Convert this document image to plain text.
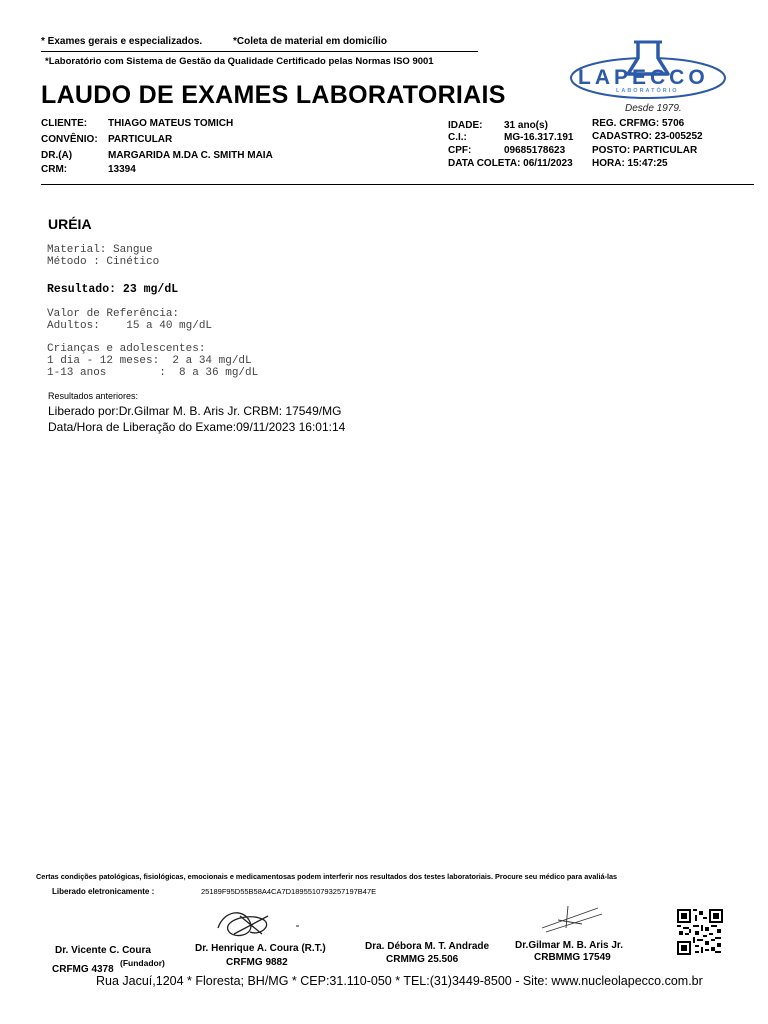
* Exames gerais e especializados.	*Coleta de material em domicílio
*Laboratório com Sistema de Gestão da Qualidade Certificado pelas Normas ISO 9001
LAUDO DE EXAMES LABORATORIAIS
LAPECCO
LABORATÓRIO
Desde 1979.
CLIENTE: THIAGO MATEUS TOMICH
CONVÊNIO: PARTICULAR
DR.(A)	MARGARIDA M.DA C. SMITH MAIA
CRM:	13394
IDADE: 31 ano(s)
C.I.:	MG-16.317.191
CPF:	09685178623
DATA COLETA: 06/11/2023
REG. CRFMG: 5706
CADASTRO: 23-005252
POSTO: PARTICULAR
HORA: 15:47:25
URÉIA
Material: Sangue
Método : Cinético
Resultado: 23 mg/dL
Valor de Referência:
Adultos:    15 a 40 mg/dL
Crianças e adolescentes:
1 dia - 12 meses:  2 a 34 mg/dL
1-13 anos        :  8 a 36 mg/dL
Resultados anteriores:
Liberado por:Dr.Gilmar M. B. Aris Jr. CRBM: 17549/MG
Data/Hora de Liberação do Exame:09/11/2023 16:01:14
Certas condições patológicas, fisiológicas, emocionais e medicamentosas podem interferir nos resultados dos testes laboratoriais. Procure seu médico para avaliá-las
Liberado eletronicamente :	25189F95D55B58A4CA7D1895510793257197B47E
Dr. Vicente C. Coura
CRFMG 4378
(Fundador)
Dr. Henrique A. Coura (R.T.)
CRFMG 9882
Dra. Débora M. T. Andrade
CRMMG 25.506
Dr.Gilmar M. B. Aris Jr.
CRBMMG 17549
Rua Jacuí,1204 * Floresta; BH/MG * CEP:31.110-050 * TEL:(31)3449-8500 - Site: www.nucleolapecco.com.br
